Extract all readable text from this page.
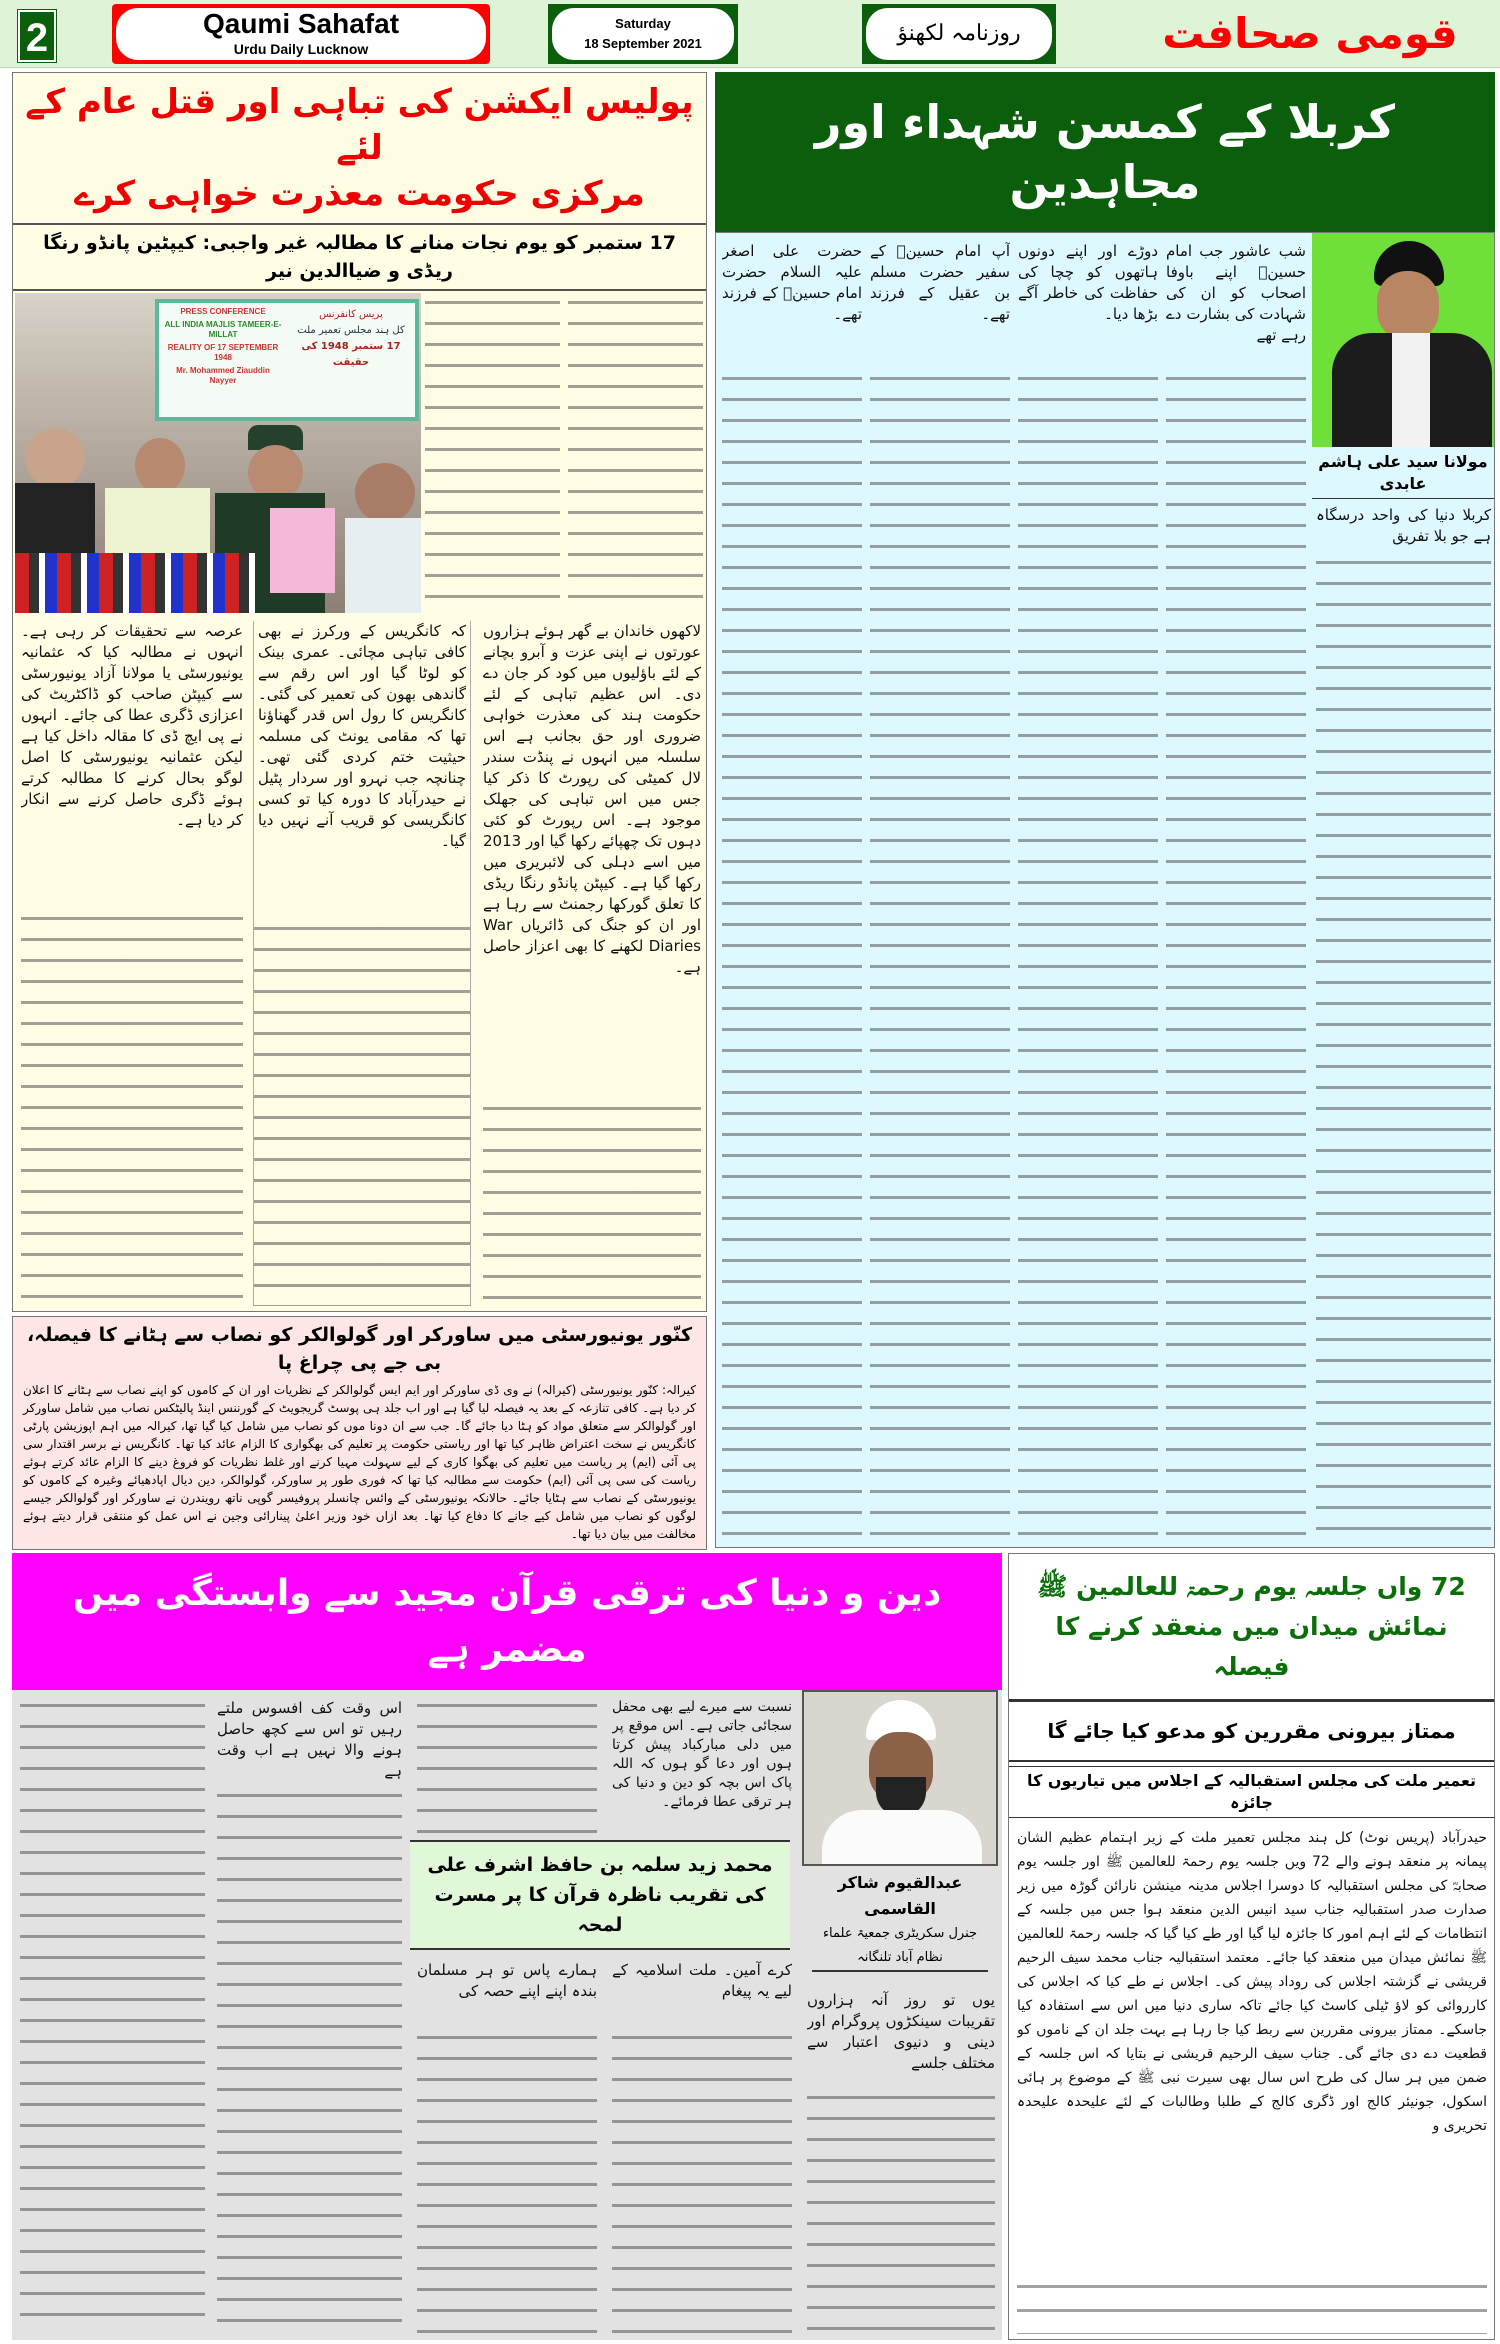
2	Qaumi Sahafat
Urdu Daily Lucknow
Saturday
18 September 2021	روزنامہ لکھنؤ	قومی صحافت
پولیس ایکشن کی تباہی اور قتل عام کے لئے
مرکزی حکومت معذرت خواہی کرے
17 ستمبر کو یوم نجات منانے کا مطالبہ غیر واجبی: کیپٹین پانڈو رنگا ریڈی و ضیاالدین نیر
PRESS CONFERENCE
ALL INDIA MAJLIS TAMEER-E-MILLAT
REALITY OF 17 SEPTEMBER 1948
Mr. Mohammed Ziauddin Nayyer
پریس کانفرنس
کل ہند مجلس تعمیر ملت
17 ستمبر 1948 کی حقیقت

لاکھوں خاندان بے گھر ہوئے ہزاروں عورتوں نے اپنی عزت و آبرو بچانے کے لئے باؤلیوں میں کود کر جان دے دی۔ اس عظیم تباہی کے لئے حکومت ہند کی معذرت خواہی ضروری اور حق بجانب ہے اس سلسلہ میں انہوں نے پنڈت سندر لال کمیٹی کی رپورٹ کا ذکر کیا جس میں اس تباہی کی جھلک موجود ہے۔ اس رپورٹ کو کئی دہوں تک چھپائے رکھا گیا اور 2013 میں اسے دہلی کی لائبریری میں رکھا گیا ہے۔ کیپٹن پانڈو رنگا ریڈی کا تعلق گورکھا رجمنٹ سے رہا ہے اور ان کو جنگ کی ڈائریاں War Diaries لکھنے کا بھی اعزاز حاصل ہے۔

کہ کانگریس کے ورکرز نے بھی کافی تباہی مچائی۔ عمری بینک کو لوٹا گیا اور اس رقم سے گاندھی بھون کی تعمیر کی گئی۔ کانگریس کا رول اس قدر گھناؤنا تھا کہ مقامی یونٹ کی مسلمہ حیثیت ختم کردی گئی تھی۔ چنانچہ جب نہرو اور سردار پٹیل نے حیدرآباد کا دورہ کیا تو کسی کانگریسی کو قریب آنے نہیں دیا گیا۔

عرصہ سے تحقیقات کر رہی ہے۔ انہوں نے مطالبہ کیا کہ عثمانیہ یونیورسٹی یا مولانا آزاد یونیورسٹی سے کیپٹن صاحب کو ڈاکٹریٹ کی اعزازی ڈگری عطا کی جائے۔ انہوں نے پی ایچ ڈی کا مقالہ داخل کیا ہے لیکن عثمانیہ یونیورسٹی کا اصل لوگو بحال کرنے کا مطالبہ کرتے ہوئے ڈگری حاصل کرنے سے انکار کر دیا ہے۔

کنّور یونیورسٹی میں ساورکر اور گولوالکر کو نصاب سے ہٹانے کا فیصلہ، بی جے پی چراغ پا
کیرالہ: کنّور یونیورسٹی (کیرالہ) نے وی ڈی ساورکر اور ایم ایس گولوالکر کے نظریات اور ان کے کاموں کو اپنے نصاب سے ہٹانے کا اعلان کر دیا ہے۔ کافی تنازعہ کے بعد یہ فیصلہ لیا گیا ہے اور اب جلد ہی پوسٹ گریجویٹ کے گورننس اینڈ پالیٹکس نصاب میں شامل ساورکر اور گولوالکر سے متعلق مواد کو ہٹا دیا جائے گا۔ جب سے ان دونا موں کو نصاب میں شامل کیا گیا تھا، کیرالہ میں اہم اپوزیشن پارٹی کانگریس نے سخت اعتراض ظاہر کیا تھا اور ریاستی حکومت پر تعلیم کی بھگواری کا الزام عائد کیا تھا۔ کانگریس نے برسر اقتدار سی پی آئی (ایم) پر ریاست میں تعلیم کی بھگوا کاری کے لیے سہولت مہیا کرنے اور غلط نظریات کو فروغ دینے کا الزام عائد کرتے ہوئے ریاست کی سی پی آئی (ایم) حکومت سے مطالبہ کیا تھا کہ فوری طور پر ساورکر، گولوالکر، دین دیال اپادھیائے وغیرہ کے کاموں کو یونیورسٹی کے نصاب سے ہٹایا جائے۔ حالانکہ یونیورسٹی کے وائس چانسلر پروفیسر گوپی ناتھ رویندرن نے ساورکر اور گولوالکر جیسے لوگوں کو نصاب میں شامل کیے جانے کا دفاع کیا تھا۔ بعد ازاں خود وزیر اعلیٰ پینارائی وجین نے اس عمل کو منتقی قرار دیتے ہوئے مخالفت میں بیان دیا تھا۔
کربلا کے کمسن شہداء اور مجاہدین
مولانا سید علی ہاشم عابدی

کربلا دنیا کی واحد درسگاہ ہے جو بلا تفریق

شب عاشور جب امام حسینؑ اپنے باوفا اصحاب کو ان کی شہادت کی بشارت دے رہے تھے

دوڑے اور اپنے دونوں ہاتھوں کو چچا کی حفاظت کی خاطر آگے بڑھا دیا۔

آپ امام حسینؑ کے سفیر حضرت مسلم بن عقیل کے فرزند تھے۔

حضرت علی اصغر علیہ السلام حضرت امام حسینؑ کے فرزند تھے۔

دین و دنیا کی ترقی قرآن مجید سے وابستگی میں مضمر ہے
عبدالقیوم شاکر القاسمی
جنرل سکریٹری جمعیۃ علماء
نظام آباد تلنگانہ

یوں تو روز آنہ ہزاروں تقریبات سینکڑوں پروگرام اور دینی و دنیوی اعتبار سے مختلف جلسے

محمد زید سلمہ بن حافظ اشرف علی
کی تقریب ناظرہ قرآن کا پر مسرت لمحہ

نسبت سے میرے لیے بھی محفل سجائی جاتی ہے۔ اس موقع پر میں دلی مبارکباد پیش کرتا ہوں اور دعا گو ہوں کہ اللہ پاک اس بچہ کو دین و دنیا کی ہر ترقی عطا فرمائے۔

کرے آمین۔ ملت اسلامیہ کے لیے یہ پیغام

ہمارے پاس تو ہر مسلمان بندہ اپنے اپنے حصہ کی

اس وقت کف افسوس ملتے رہیں تو اس سے کچھ حاصل ہونے والا نہیں ہے اب وقت ہے

72 واں جلسہ یوم رحمۃ للعالمین ﷺ
نمائش میدان میں منعقد کرنے کا فیصلہ
ممتاز بیرونی مقررین کو مدعو کیا جائے گا
تعمیر ملت کی مجلس استقبالیہ کے اجلاس میں تیاریوں کا جائزہ

حیدرآباد (پریس نوٹ) کل ہند مجلس تعمیر ملت کے زیر اہتمام عظیم الشان پیمانہ پر منعقد ہونے والے 72 ویں جلسہ یوم رحمۃ للعالمین ﷺ اور جلسہ یوم صحابہؓ کی مجلس استقبالیہ کا دوسرا اجلاس مدینہ مینشن نارائن گوڑہ میں زیر صدارت صدر استقبالیہ جناب سید انیس الدین منعقد ہوا جس میں جلسہ کے انتظامات کے لئے اہم امور کا جائزہ لیا گیا اور طے کیا گیا کہ جلسہ رحمۃ للعالمین ﷺ نمائش میدان میں منعقد کیا جائے۔ معتمد استقبالیہ جناب محمد سیف الرحیم قریشی نے گزشتہ اجلاس کی روداد پیش کی۔ اجلاس نے طے کیا کہ اجلاس کی کارروائی کو لاؤ ٹیلی کاسٹ کیا جائے تاکہ ساری دنیا میں اس سے استفادہ کیا جاسکے۔ ممتاز بیرونی مقررین سے ربط کیا جا رہا ہے بہت جلد ان کے ناموں کو قطعیت دے دی جائے گی۔ جناب سیف الرحیم قریشی نے بتایا کہ اس جلسہ کے ضمن میں ہر سال کی طرح اس سال بھی سیرت نبی ﷺ کے موضوع پر ہائی اسکول، جونیئر کالج اور ڈگری کالج کے طلبا وطالبات کے لئے علیحدہ علیحدہ تحریری و
